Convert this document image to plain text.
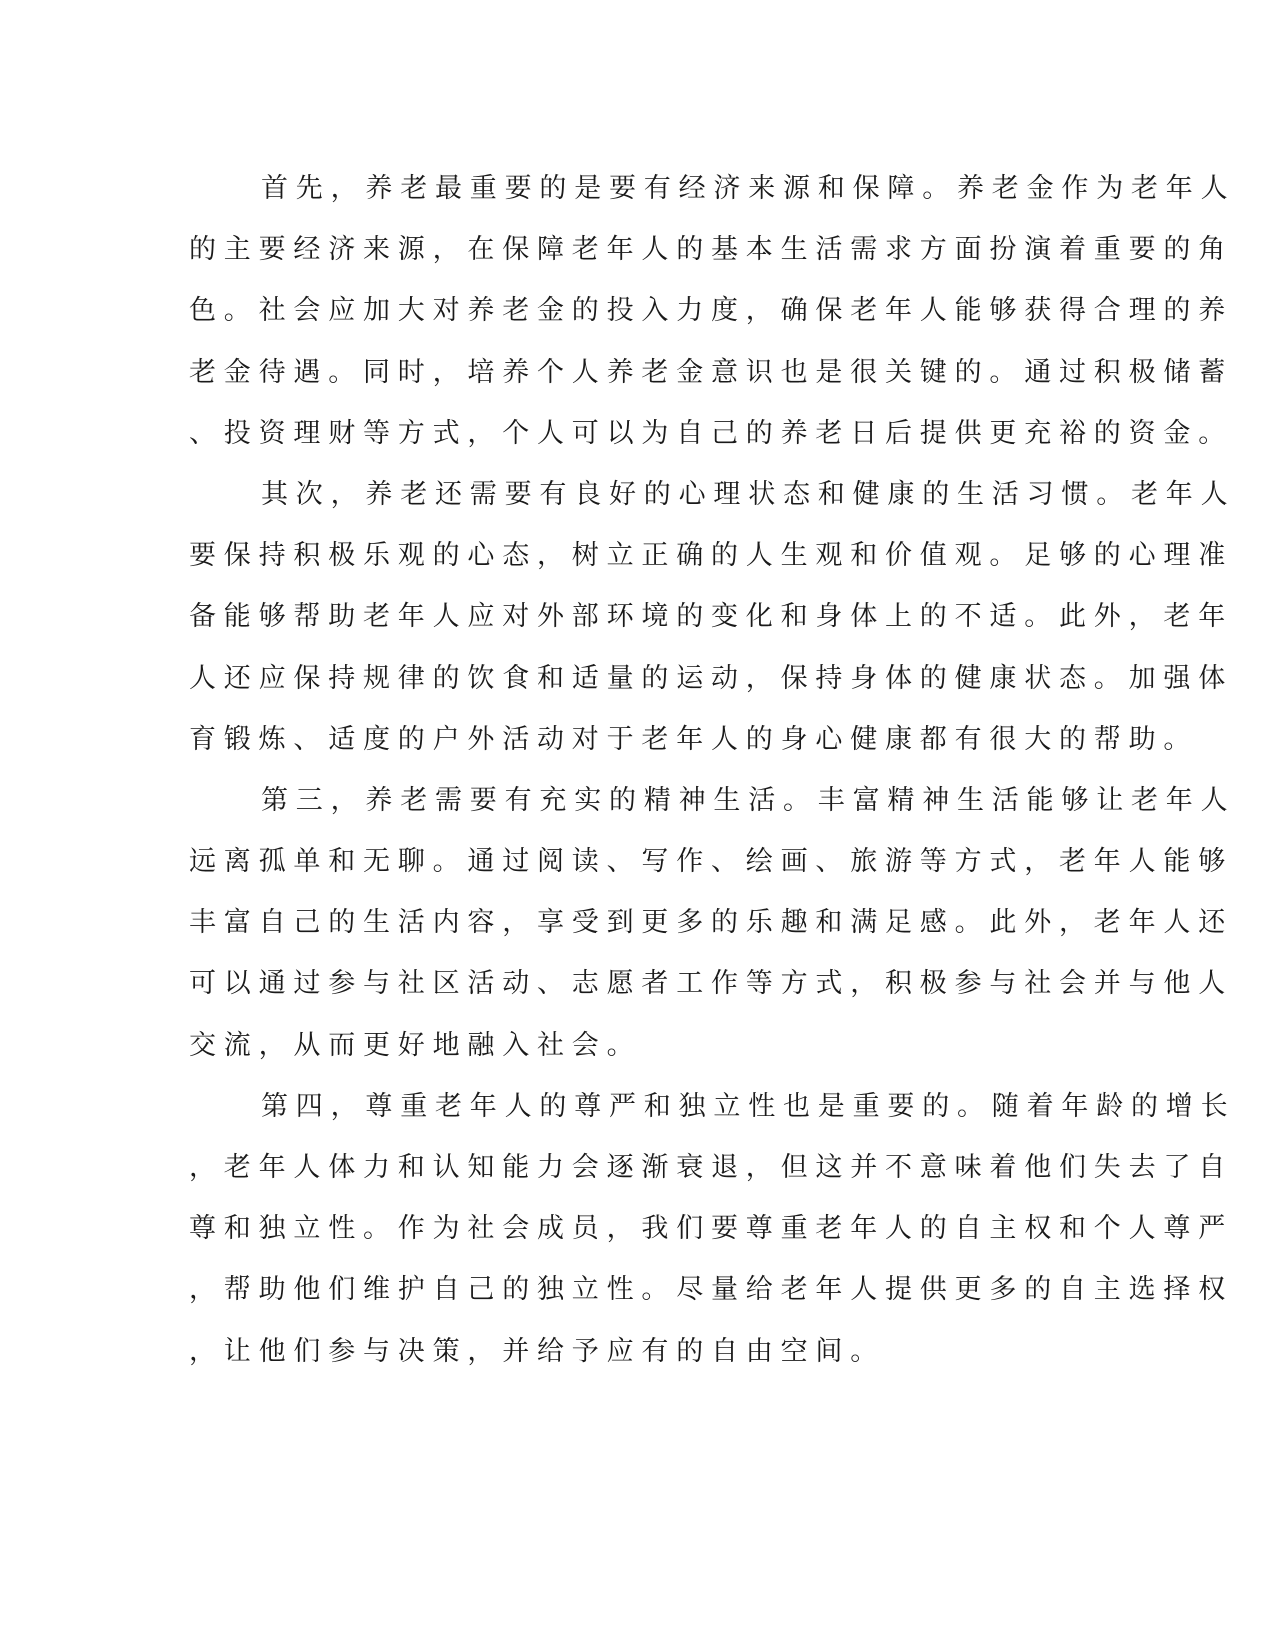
首先，养老最重要的是要有经济来源和保障。养老金作为老年人
的主要经济来源，在保障老年人的基本生活需求方面扮演着重要的角
色。社会应加大对养老金的投入力度，确保老年人能够获得合理的养
老金待遇。同时，培养个人养老金意识也是很关键的。通过积极储蓄
、投资理财等方式，个人可以为自己的养老日后提供更充裕的资金。
其次，养老还需要有良好的心理状态和健康的生活习惯。老年人
要保持积极乐观的心态，树立正确的人生观和价值观。足够的心理准
备能够帮助老年人应对外部环境的变化和身体上的不适。此外，老年
人还应保持规律的饮食和适量的运动，保持身体的健康状态。加强体
育锻炼、适度的户外活动对于老年人的身心健康都有很大的帮助。
第三，养老需要有充实的精神生活。丰富精神生活能够让老年人
远离孤单和无聊。通过阅读、写作、绘画、旅游等方式，老年人能够
丰富自己的生活内容，享受到更多的乐趣和满足感。此外，老年人还
可以通过参与社区活动、志愿者工作等方式，积极参与社会并与他人
交流，从而更好地融入社会。
第四，尊重老年人的尊严和独立性也是重要的。随着年龄的增长
，老年人体力和认知能力会逐渐衰退，但这并不意味着他们失去了自
尊和独立性。作为社会成员，我们要尊重老年人的自主权和个人尊严
，帮助他们维护自己的独立性。尽量给老年人提供更多的自主选择权
，让他们参与决策，并给予应有的自由空间。
